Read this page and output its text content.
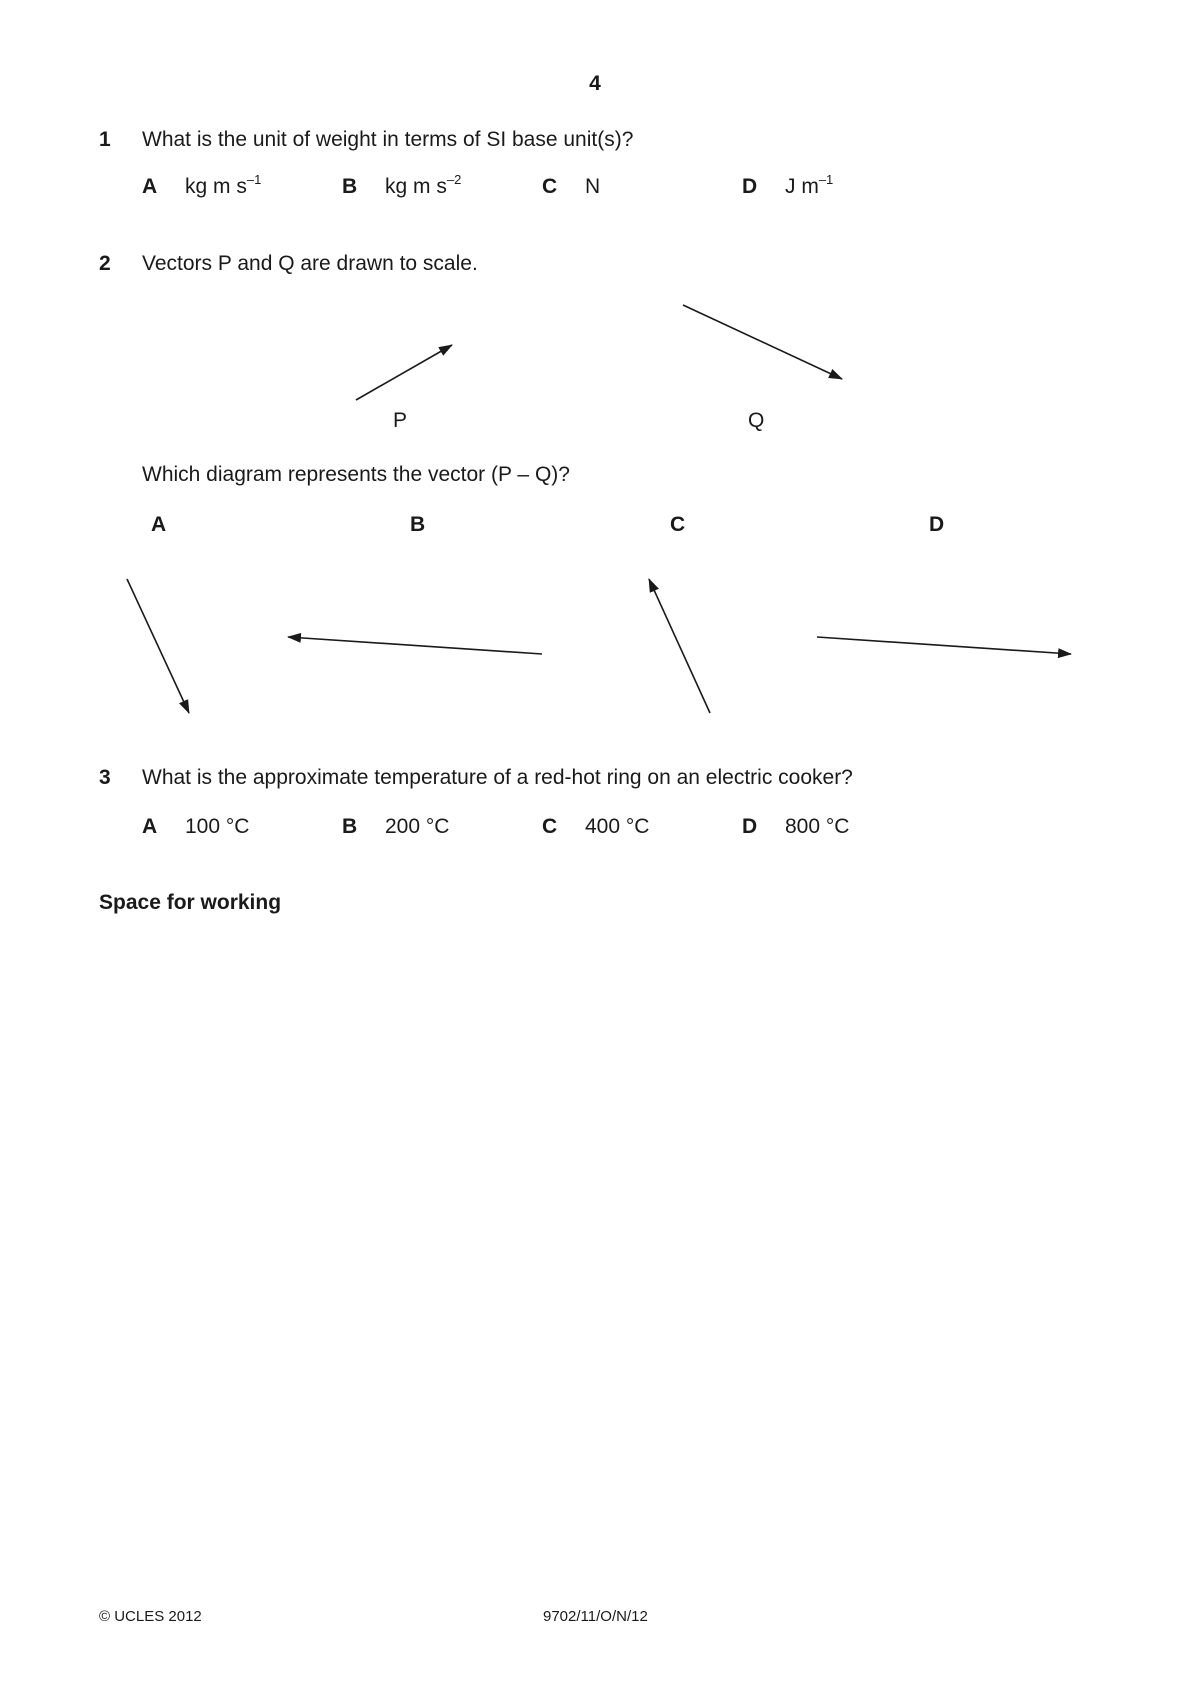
4
1 What is the unit of weight in terms of SI base unit(s)?
A kg m $s^{-1}$	B kg m $s^{-2}$	C N	D J $m^{-1}$
2 Vectors P and Q are drawn to scale.
P	Q
Which diagram represents the vector (P – Q)?
A	B	C	D
3 What is the approximate temperature of a red-hot ring on an electric cooker?
A 100 °C	B 200 °C	C 400 °C	D 800 °C
Space for working
© UCLES 2012	9702/11/O/N/12
